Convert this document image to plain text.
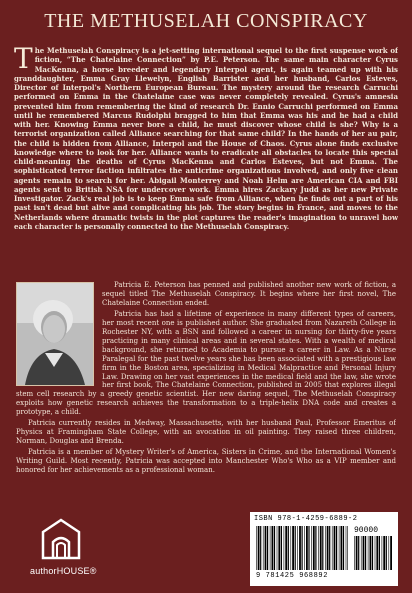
THE METHUSELAH CONSPIRACY
The Methuselah Conspiracy is a jet-setting international sequel to the first suspense work of fiction, “The Chatelaine Connection” by P.E. Peterson. The same main character Cyrus MacKenna, a horse breeder and legendary Interpol agent, is again teamed up with his granddaughter, Emma Gray Llewelyn, English Barrister and her husband, Carlos Esteves, Director of Interpol's Northern European Bureau. The mystery around the research Carruchi performed on Emma in the Chatelaine case was never completely revealed. Cyrus's amnesia prevented him from remembering the kind of research Dr. Ennio Carruchi performed on Emma until he remembered Marcus Rudolphi bragged to him that Emma was his and he had a child with her. Knowing Emma never bore a child, he must discover whose child is she? Why is a terrorist organization called Alliance searching for that same child? In the hands of her au pair, the child is hidden from Alliance, Interpol and the House of Chaos. Cyrus alone finds exclusive knowledge where to look for her. Alliance wants to eradicate all obstacles to locate this special child-meaning the deaths of Cyrus MacKenna and Carlos Esteves, but not Emma. The sophisticated terror faction infiltrates the anticrime organizations involved, and only five clean agents remain to search for her. Abigail Monterrey and Noah Helm are American CIA and FBI agents sent to British NSA for undercover work. Emma hires Zackary Judd as her new Private Investigator. Zack's real job is to keep Emma safe from Alliance, when he finds out a part of his past isn't dead but alive and complicating his job. The story begins in France, and moves to the Netherlands where dramatic twists in the plot captures the reader's imagination to unravel how each character is personally connected to the Methuselah Conspiracy.

Patricia E. Peterson has penned and published another new work of fiction, a sequel titled The Methuselah Conspiracy. It begins where her first novel, The Chatelaine Connection ended.

Patricia has had a lifetime of experience in many different types of careers, her most recent one is published author. She graduated from Nazareth College in Rochester NY, with a BSN and followed a career in nursing for thirty-five years practicing in many clinical areas and in several states. With a wealth of medical background, she returned to Academia to pursue a career in Law. As a Nurse Paralegal for the past twelve years she has been associated with a prestigious law firm in the Boston area, specializing in Medical Malpractice and Personal Injury Law. Drawing on her vast experiences in the medical field and the law, she wrote her first book, The Chatelaine Connection, published in 2005 that explores illegal stem cell research by a greedy genetic scientist. Her new daring sequel, The Methuselah Conspiracy exploits how genetic research achieves the transformation to a triple-helix DNA code and creates a prototype, a child.

Patricia currently resides in Medway, Massachusetts, with her husband Paul, Professor Emeritus of Physics at Framingham State College, with an avocation in oil painting. They raised three children, Norman, Douglas and Brenda.

Patricia is a member of Mystery Writer's of America, Sisters in Crime, and the International Women's Writing Guild. Most recently, Patricia was accepted into Manchester Who's Who as a VIP member and honored for her achievements as a professional woman.

authorHOUSE®
ISBN 978-1-4259-6889-2
90000
9 781425 968892
